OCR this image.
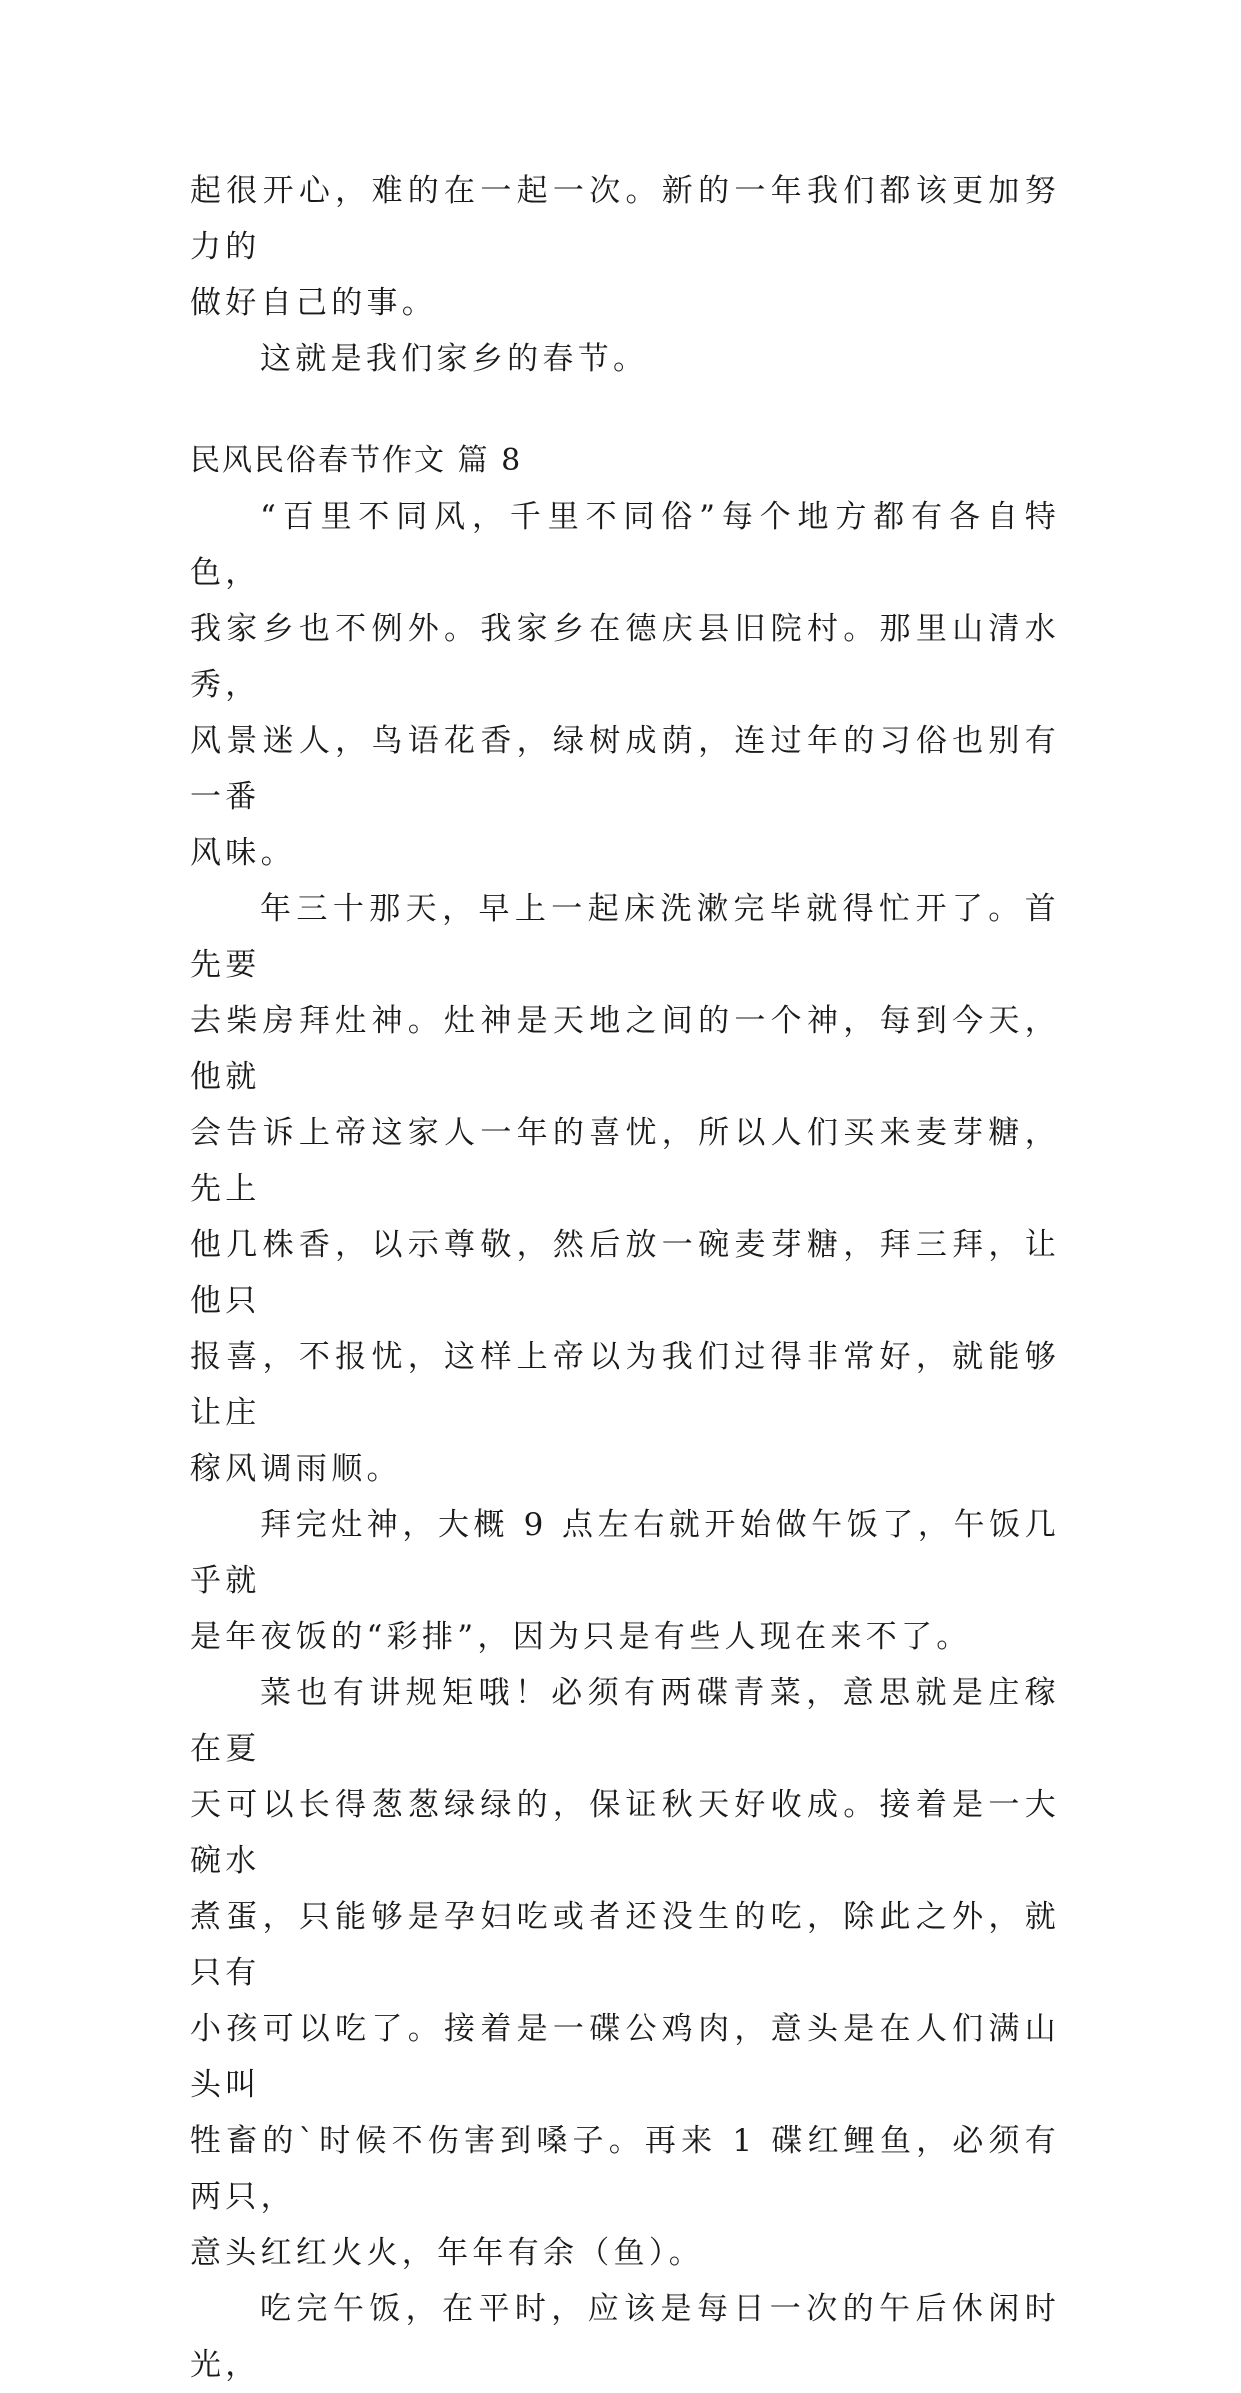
起很开心，难的在一起一次。新的一年我们都该更加努力的
做好自己的事。

这就是我们家乡的春节。

民风民俗春节作文 篇 8

“百里不同风，千里不同俗”每个地方都有各自特色，
我家乡也不例外。我家乡在德庆县旧院村。那里山清水秀，
风景迷人，鸟语花香，绿树成荫，连过年的习俗也别有一番
风味。

年三十那天，早上一起床洗漱完毕就得忙开了。首先要
去柴房拜灶神。灶神是天地之间的一个神，每到今天，他就
会告诉上帝这家人一年的喜忧，所以人们买来麦芽糖，先上
他几株香，以示尊敬，然后放一碗麦芽糖，拜三拜，让他只
报喜，不报忧，这样上帝以为我们过得非常好，就能够让庄
稼风调雨顺。

拜完灶神，大概 9 点左右就开始做午饭了，午饭几乎就
是年夜饭的“彩排”，因为只是有些人现在来不了。

菜也有讲规矩哦！必须有两碟青菜，意思就是庄稼在夏
天可以长得葱葱绿绿的，保证秋天好收成。接着是一大碗水
煮蛋，只能够是孕妇吃或者还没生的吃，除此之外，就只有
小孩可以吃了。接着是一碟公鸡肉，意头是在人们满山头叫
牲畜的`时候不伤害到嗓子。再来 1 碟红鲤鱼，必须有两只，
意头红红火火，年年有余（鱼）。

吃完午饭，在平时，应该是每日一次的午后休闲时光，
